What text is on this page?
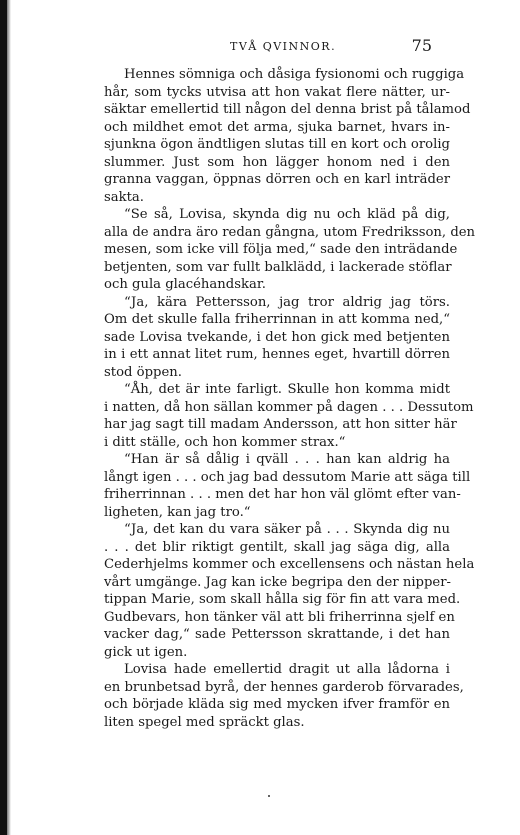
TVÅ QVINNOR.	75
Hennes sömniga och dåsiga fysionomi och ruggiga
hår, som tycks utvisa att hon vakat flere nätter, ur-
säktar emellertid till någon del denna brist på tålamod
och mildhet emot det arma, sjuka barnet, hvars in-
sjunkna ögon ändtligen slutas till en kort och orolig
slummer. Just som hon lägger honom ned i den
granna vaggan, öppnas dörren och en karl inträder
sakta.
“Se så, Lovisa, skynda dig nu och kläd på dig,
alla de andra äro redan gångna, utom Fredriksson, den
mesen, som icke vill följa med,“ sade den inträdande
betjenten, som var fullt balklädd, i lackerade stöflar
och gula glacéhandskar.
“Ja, kära Pettersson, jag tror aldrig jag törs.
Om det skulle falla friherrinnan in att komma ned,“
sade Lovisa tvekande, i det hon gick med betjenten
in i ett annat litet rum, hennes eget, hvartill dörren
stod öppen.
“Åh, det är inte farligt. Skulle hon komma midt
i natten, då hon sällan kommer på dagen . . . Dessutom
har jag sagt till madam Andersson, att hon sitter här
i ditt ställe, och hon kommer strax.“
“Han är så dålig i qväll . . . han kan aldrig ha
långt igen . . . och jag bad dessutom Marie att säga till
friherrinnan . . . men det har hon väl glömt efter van-
ligheten, kan jag tro.“
“Ja, det kan du vara säker på . . . Skynda dig nu
. . . det blir riktigt gentilt, skall jag säga dig, alla
Cederhjelms kommer och excellensens och nästan hela
vårt umgänge. Jag kan icke begripa den der nipper-
tippan Marie, som skall hålla sig för fin att vara med.
Gudbevars, hon tänker väl att bli friherrinna sjelf en
vacker dag,“ sade Pettersson skrattande, i det han
gick ut igen.
Lovisa hade emellertid dragit ut alla lådorna i
en brunbetsad byrå, der hennes garderob förvarades,
och började kläda sig med mycken ifver framför en
liten spegel med spräckt glas.
